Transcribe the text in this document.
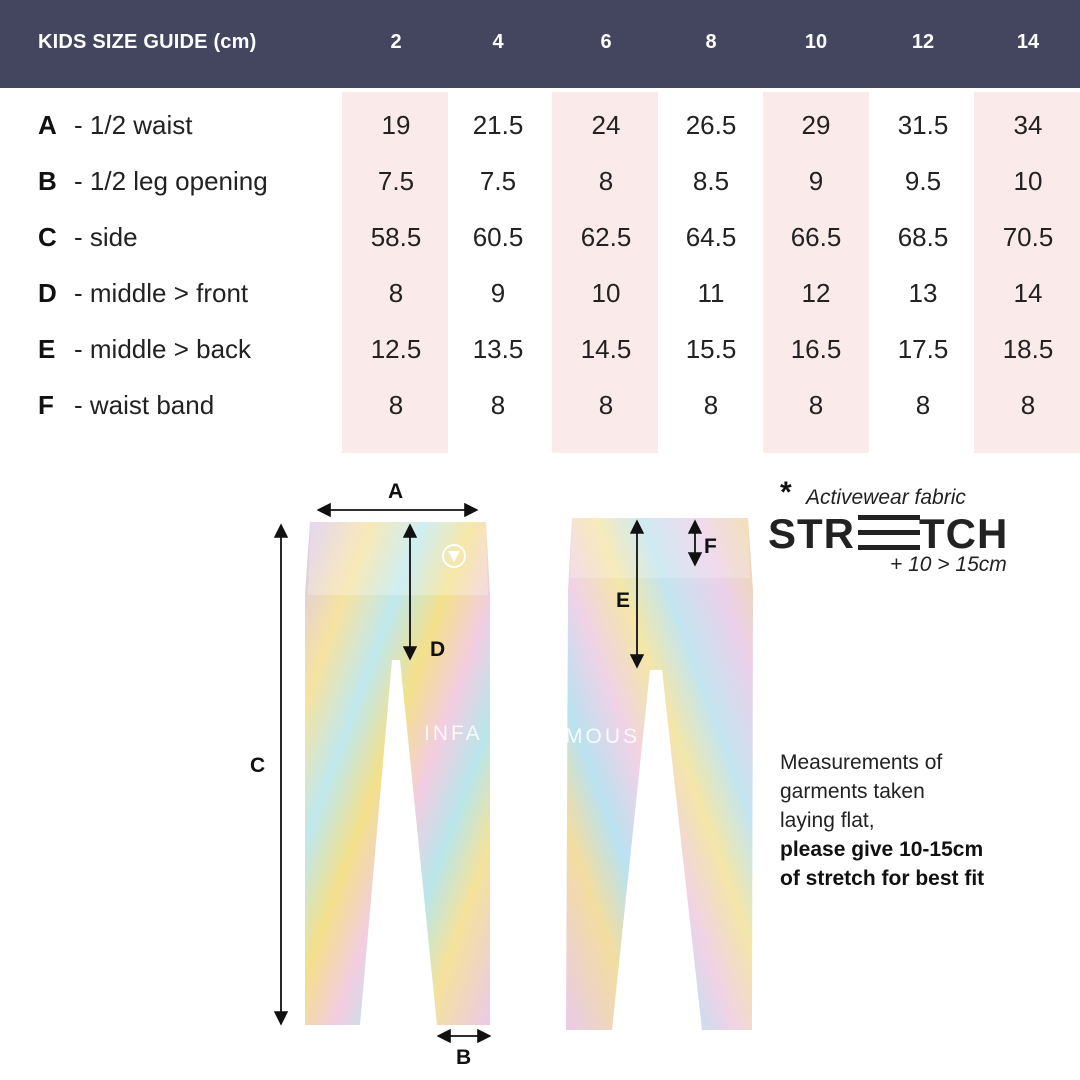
KIDS SIZE GUIDE (cm)	2	4	6	8	10	12	14
A - 1/2 waist	19	21.5	24	26.5	29	31.5	34
B - 1/2 leg opening	7.5	7.5	8	8.5	9	9.5	10
C - side	58.5	60.5	62.5	64.5	66.5	68.5	70.5
D - middle > front	8	9	10	11	12	13	14
E - middle > back	12.5	13.5	14.5	15.5	16.5	17.5	18.5
F - waist band	8	8	8	8	8	8	8
A
B
C
D
E
F
INFA	MOUS
* Activewear fabric
STR TCH
+ 10 > 15cm
Measurements of
garments taken
laying flat,
please give 10-15cm
of stretch for best fit
